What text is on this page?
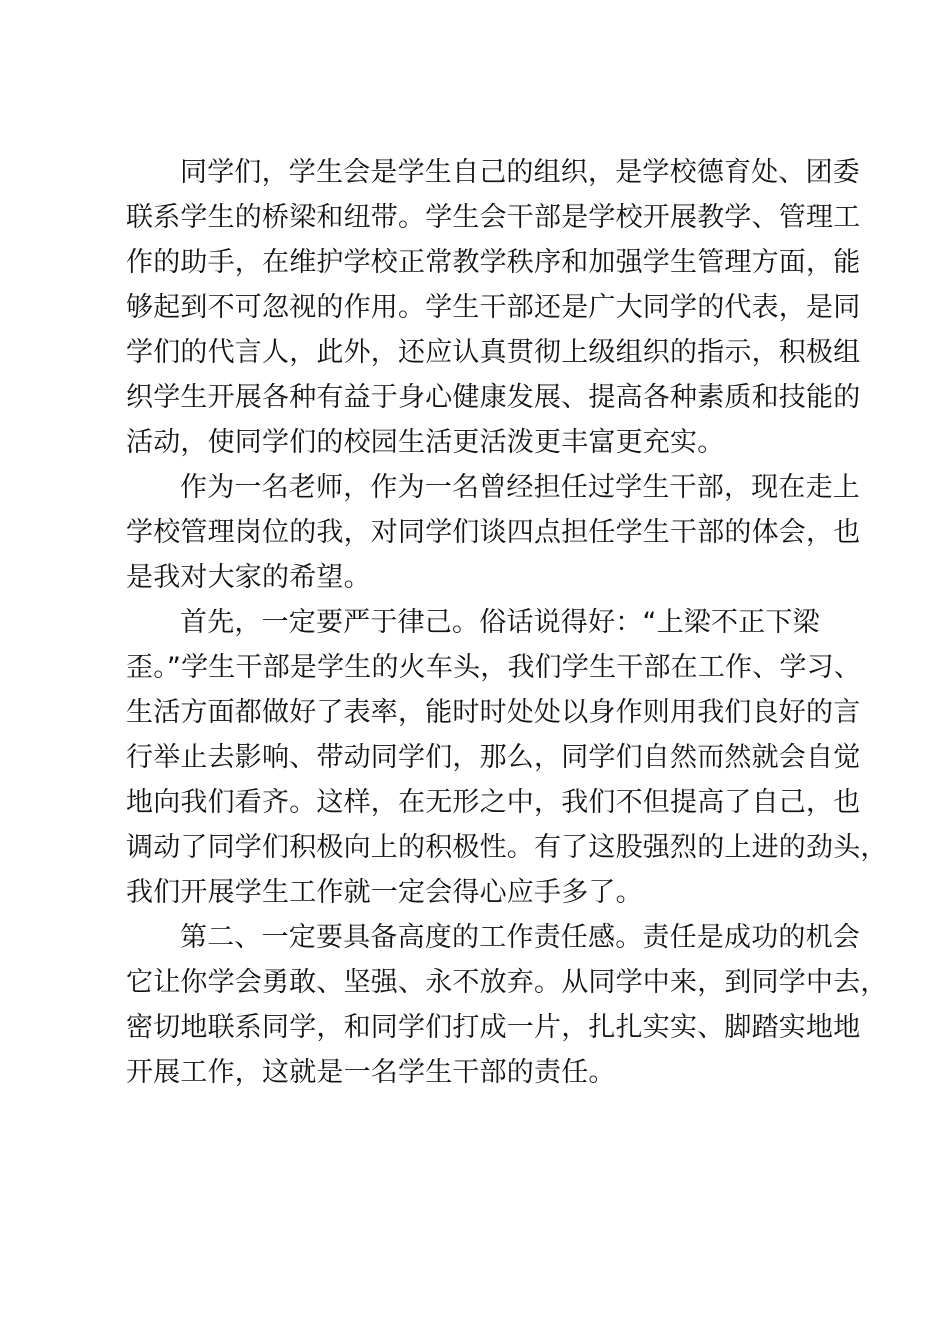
同学们，学生会是学生自己的组织，是学校德育处、团委
联系学生的桥梁和纽带。学生会干部是学校开展教学、管理工
作的助手，在维护学校正常教学秩序和加强学生管理方面，能
够起到不可忽视的作用。学生干部还是广大同学的代表，是同
学们的代言人，此外，还应认真贯彻上级组织的指示，积极组
织学生开展各种有益于身心健康发展、提高各种素质和技能的
活动，使同学们的校园生活更活泼更丰富更充实。
作为一名老师，作为一名曾经担任过学生干部，现在走上
学校管理岗位的我，对同学们谈四点担任学生干部的体会，也
是我对大家的希望。
首先，一定要严于律己。俗话说得好：“上梁不正下梁
歪。”学生干部是学生的火车头，我们学生干部在工作、学习、
生活方面都做好了表率，能时时处处以身作则用我们良好的言
行举止去影响、带动同学们，那么，同学们自然而然就会自觉
地向我们看齐。这样，在无形之中，我们不但提高了自己，也
调动了同学们积极向上的积极性。有了这股强烈的上进的劲头，
我们开展学生工作就一定会得心应手多了。
第二、一定要具备高度的工作责任感。责任是成功的机会
它让你学会勇敢、坚强、永不放弃。从同学中来，到同学中去，
密切地联系同学，和同学们打成一片，扎扎实实、脚踏实地地
开展工作，这就是一名学生干部的责任。
